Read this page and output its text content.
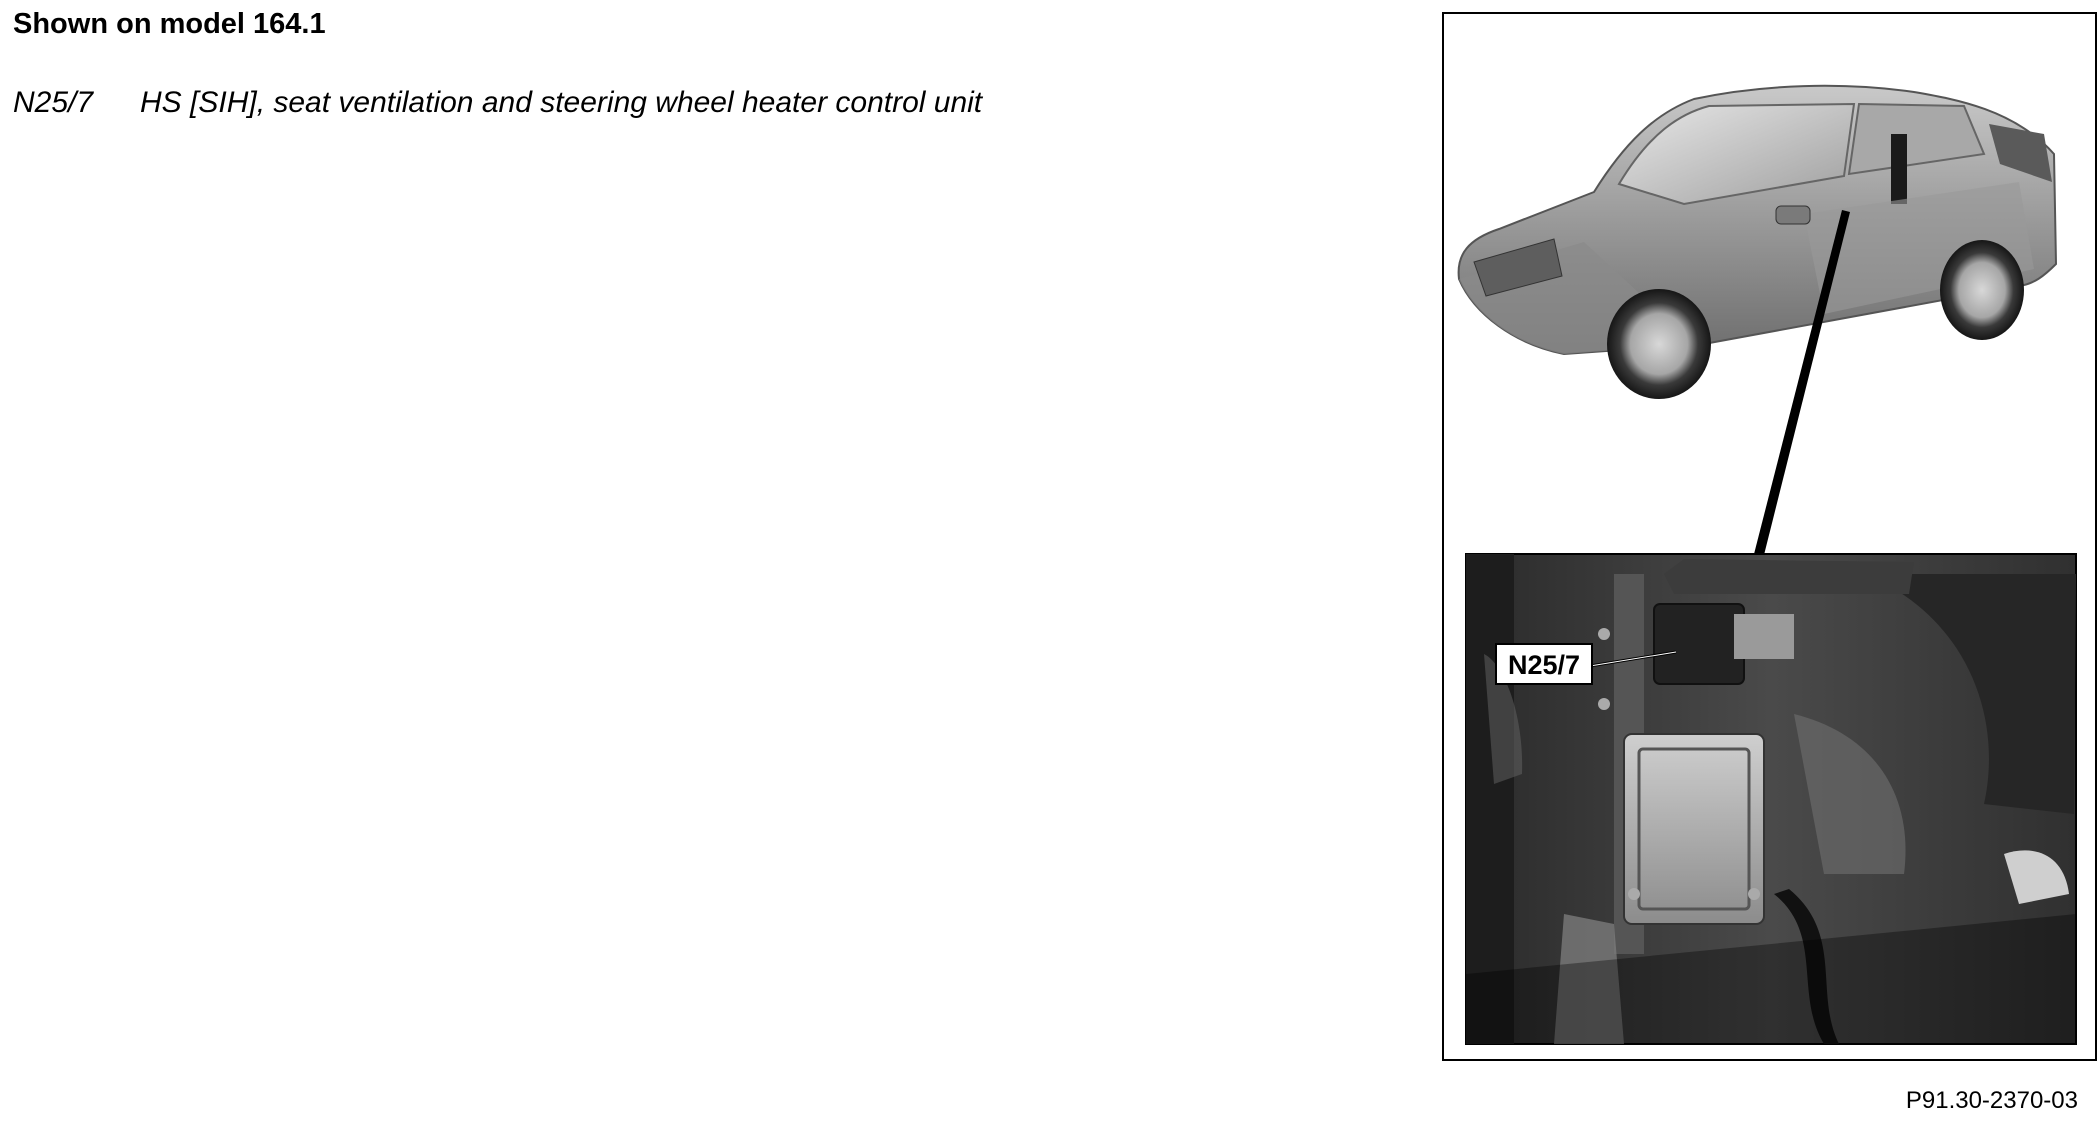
Shown on model 164.1
N25/7 HS [SIH], seat ventilation and steering wheel heater control unit
N25/7
P91.30-2370-03
